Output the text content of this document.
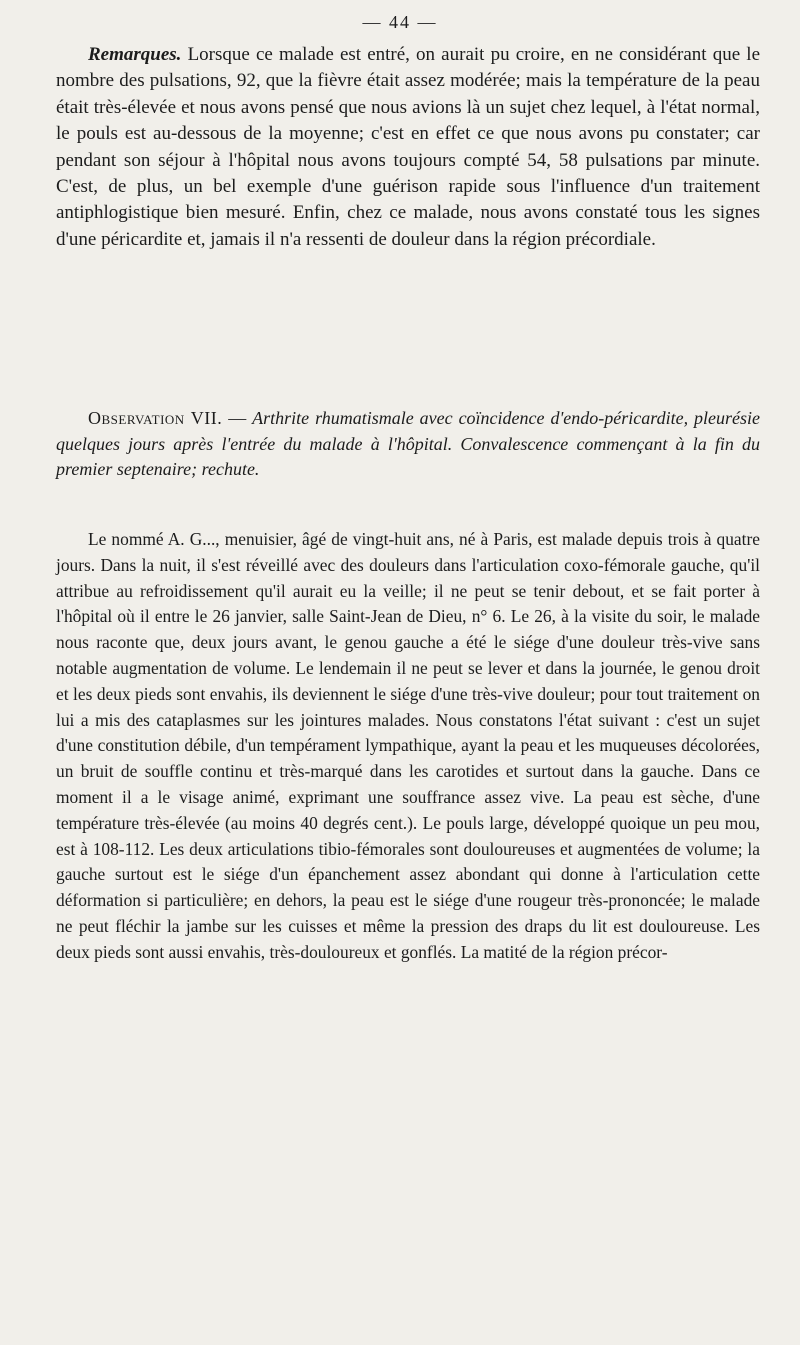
— 44 —

Remarques. Lorsque ce malade est entré, on aurait pu croire, en ne considérant que le nombre des pulsations, 92, que la fièvre était assez modérée; mais la température de la peau était très-élevée et nous avons pensé que nous avions là un sujet chez lequel, à l'état normal, le pouls est au-dessous de la moyenne; c'est en effet ce que nous avons pu constater; car pendant son séjour à l'hôpital nous avons toujours compté 54, 58 pulsations par minute. C'est, de plus, un bel exemple d'une guérison rapide sous l'influence d'un traitement antiphlogistique bien mesuré. Enfin, chez ce malade, nous avons constaté tous les signes d'une péricardite et, jamais il n'a ressenti de douleur dans la région précordiale.

Observation VII. — Arthrite rhumatismale avec coïncidence d'endo-péricardite, pleurésie quelques jours après l'entrée du malade à l'hôpital. Convalescence commençant à la fin du premier septenaire; rechute.

Le nommé A. G..., menuisier, âgé de vingt-huit ans, né à Paris, est malade depuis trois à quatre jours. Dans la nuit, il s'est réveillé avec des douleurs dans l'articulation coxo-fémorale gauche, qu'il attribue au refroidissement qu'il aurait eu la veille; il ne peut se tenir debout, et se fait porter à l'hôpital où il entre le 26 janvier, salle Saint-Jean de Dieu, n° 6. Le 26, à la visite du soir, le malade nous raconte que, deux jours avant, le genou gauche a été le siége d'une douleur très-vive sans notable augmentation de volume. Le lendemain il ne peut se lever et dans la journée, le genou droit et les deux pieds sont envahis, ils deviennent le siége d'une très-vive douleur; pour tout traitement on lui a mis des cataplasmes sur les jointures malades. Nous constatons l'état suivant : c'est un sujet d'une constitution débile, d'un tempérament lympathique, ayant la peau et les muqueuses décolorées, un bruit de souffle continu et très-marqué dans les carotides et surtout dans la gauche. Dans ce moment il a le visage animé, exprimant une souffrance assez vive. La peau est sèche, d'une température très-élevée (au moins 40 degrés cent.). Le pouls large, développé quoique un peu mou, est à 108-112. Les deux articulations tibio-fémorales sont douloureuses et augmentées de volume; la gauche surtout est le siége d'un épanchement assez abondant qui donne à l'articulation cette déformation si particulière; en dehors, la peau est le siége d'une rougeur très-prononcée; le malade ne peut fléchir la jambe sur les cuisses et même la pression des draps du lit est douloureuse. Les deux pieds sont aussi envahis, très-douloureux et gonflés. La matité de la région précor-
